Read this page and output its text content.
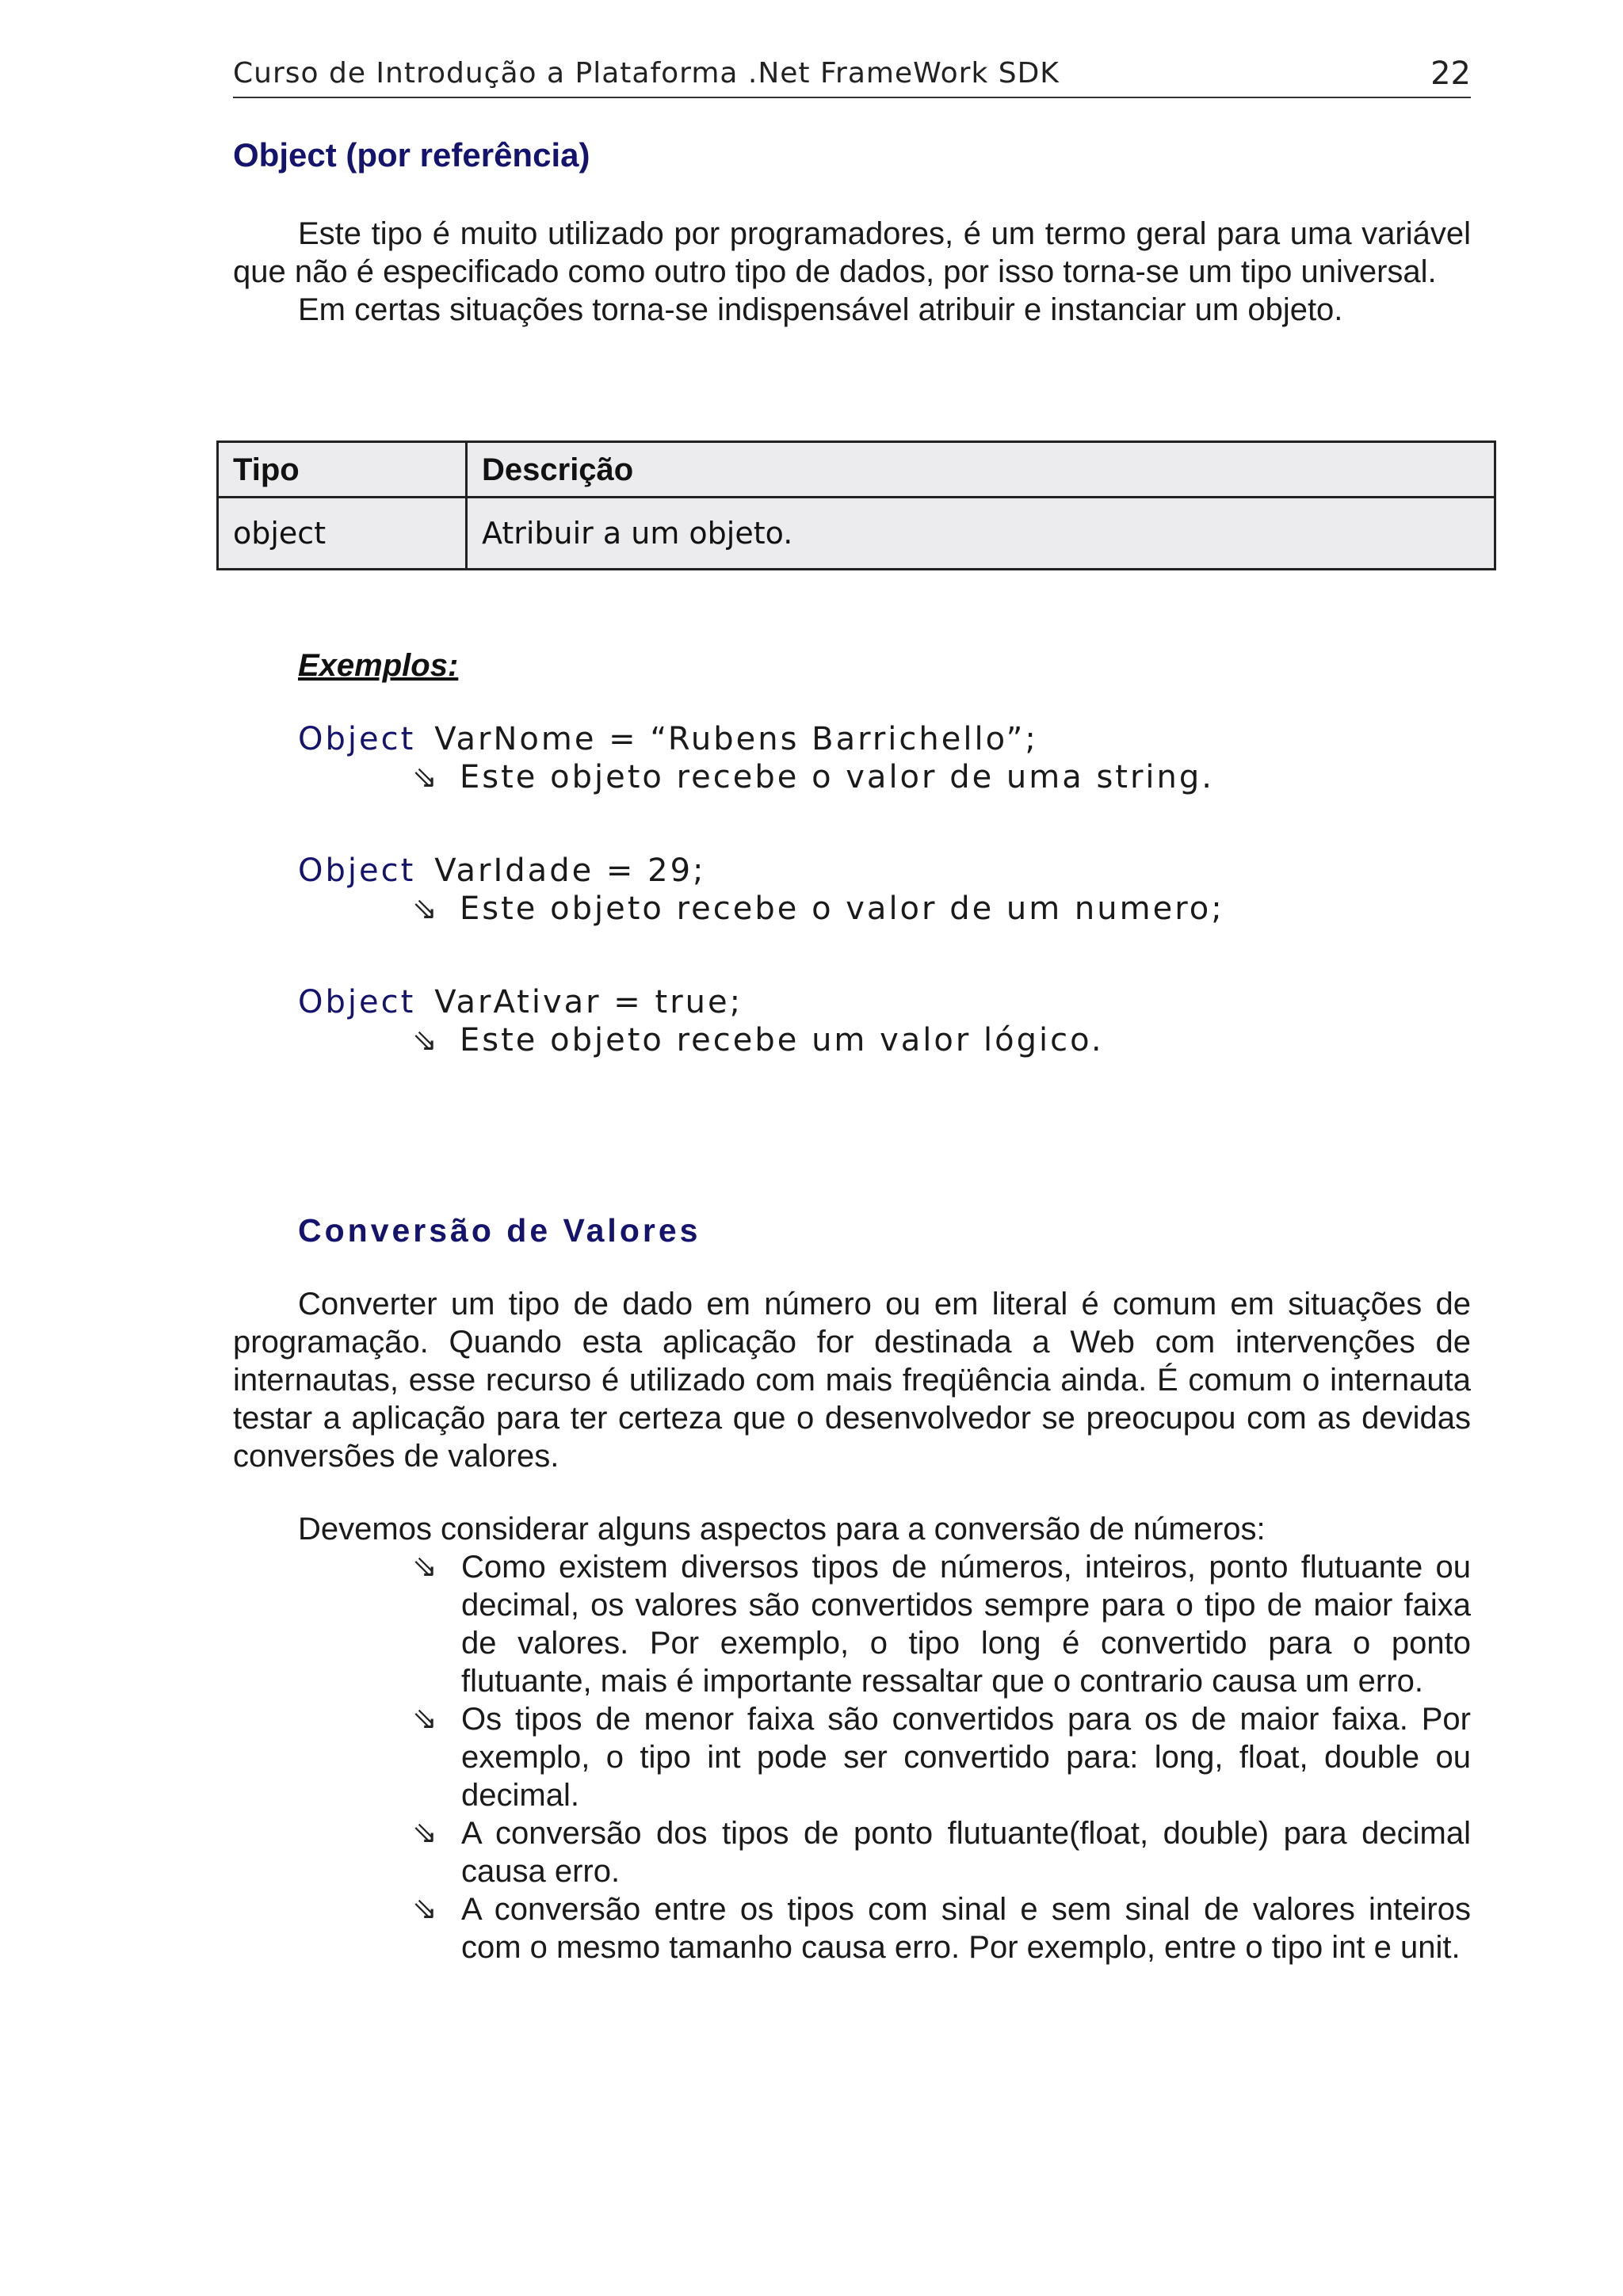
Curso de Introdução a Plataforma .Net FrameWork SDK	22
Object (por referência)

Este tipo é muito utilizado por programadores, é um termo geral para uma variável que não é especificado como outro tipo de dados, por isso torna-se um tipo universal.

Em certas situações torna-se indispensável atribuir e instanciar um objeto.

Tipo	Descrição
object	Atribuir a um objeto.
Exemplos:
Object VarNome = “Rubens Barrichello”;
⇘ Este objeto recebe o valor de uma string.
Object VarIdade = 29;
⇘ Este objeto recebe o valor de um numero;
Object VarAtivar = true;
⇘ Este objeto recebe um valor lógico.
Conversão de Valores

Converter um tipo de dado em número ou em literal é comum em situações de programação. Quando esta aplicação for destinada a Web com intervenções de internautas, esse recurso é utilizado com mais freqüência ainda. É comum o internauta testar a aplicação para ter certeza que o desenvolvedor se preocupou com as devidas conversões de valores.

Devemos considerar alguns aspectos para a conversão de números:

⇘ Como existem diversos tipos de números, inteiros, ponto flutuante ou decimal, os valores são convertidos sempre para o tipo de maior faixa de valores. Por exemplo, o tipo long é convertido para o ponto flutuante, mais é importante ressaltar que o contrario causa um erro.

⇘ Os tipos de menor faixa são convertidos para os de maior faixa. Por exemplo, o tipo int pode ser convertido para: long, float, double ou decimal.

⇘ A conversão dos tipos de ponto flutuante(float, double) para decimal causa erro.

⇘ A conversão entre os tipos com sinal e sem sinal de valores inteiros com o mesmo tamanho causa erro. Por exemplo, entre o tipo int e unit.
